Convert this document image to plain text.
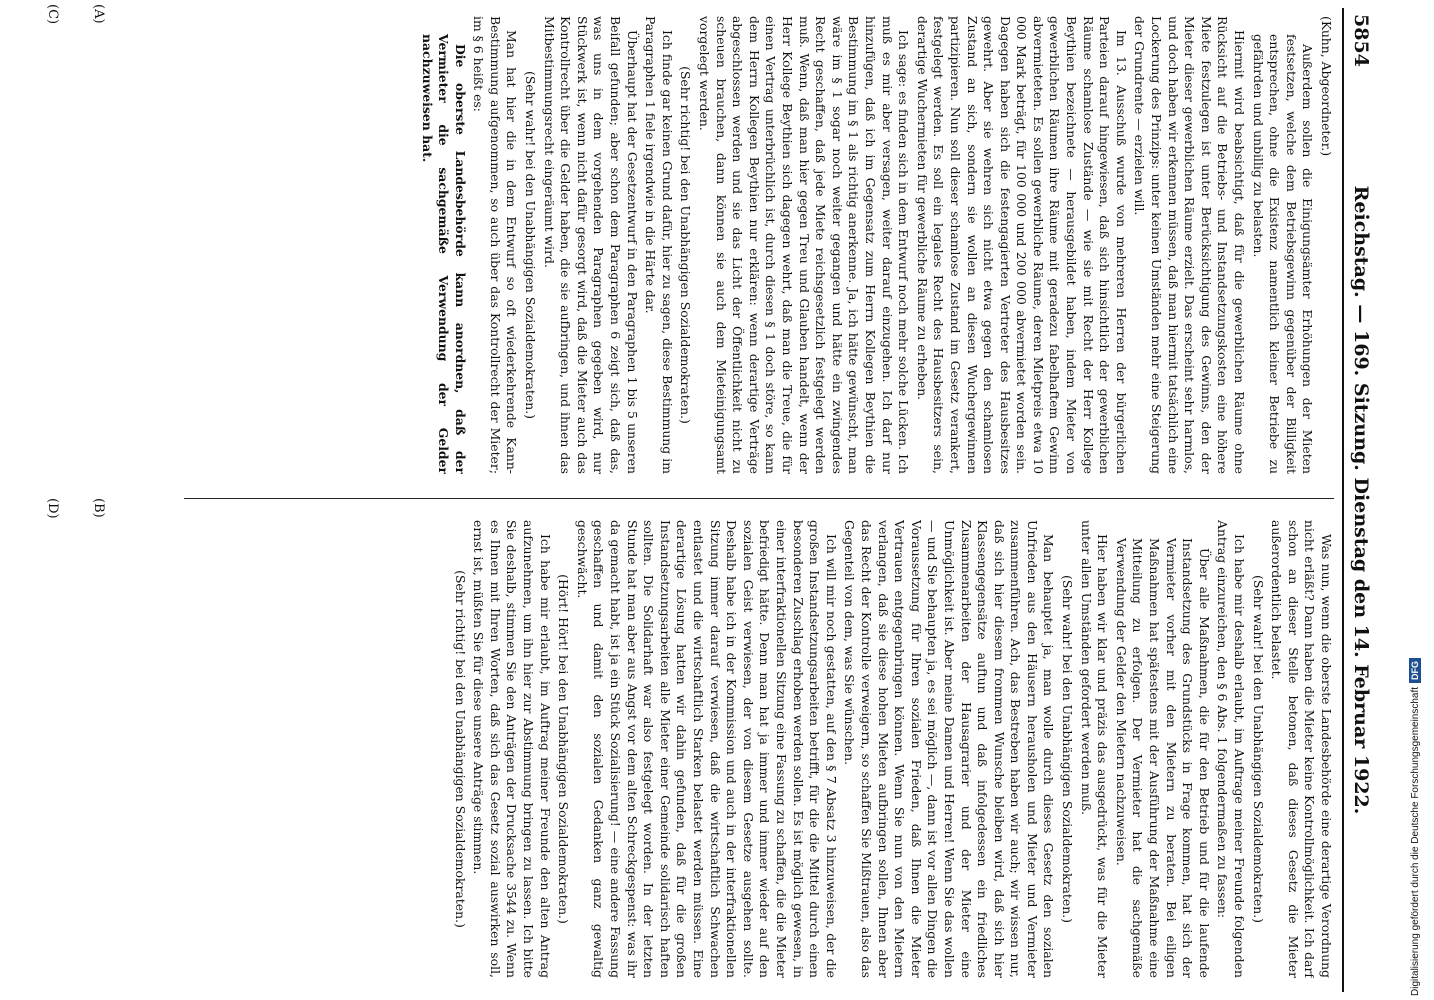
5854
Reichstag. — 169. Sitzung. Dienstag den 14. Februar 1922.

(Kuhn, Abgeordneter.)

Außerdem sollen die Einigungsämter Erhöhungen der Mieten festsetzen, welche dem Betriebsgewinn gegenüber der Billigkeit entsprechen, ohne die Existenz namentlich kleiner Betriebe zu gefährden und unbillig zu belasten.

Hiermit wird beabsichtigt, daß für die gewerblichen Räume ohne Rücksicht auf die Betriebs- und Instandsetzungskosten eine höhere Miete festzulegen ist unter Berücksichtigung des Gewinns, den der Mieter dieser gewerblichen Räume erzielt. Das erscheint sehr harmlos, und doch haben wir erkennen müssen, daß man hiermit tatsächlich eine Lockerung des Prinzips: unter keinen Umständen mehr eine Steigerung der Grundrente — erzielen will.

Im 13. Ausschuß wurde von mehreren Herren der bürgerlichen Parteien darauf hingewiesen, daß sich hinsichtlich der gewerblichen Räume schamlose Zustände — wie sie mit Recht der Herr Kollege Beythien bezeichnete — herausgebildet haben, indem Mieter von gewerblichen Räumen ihre Räume mit geradezu fabelhaftem Gewinn abvermieteten. Es sollen gewerbliche Räume, deren Mietpreis etwa 10 000 Mark beträgt, für 100 000 und 200 000 abvermietet worden sein. Dagegen haben sich die festengagierten Vertreter des Hausbesitzes gewehrt. Aber sie wehren sich nicht etwa gegen den schamlosen Zustand an sich, sondern sie wollen an diesen Wuchergewinnen partizipieren. Nun soll dieser schamlose Zustand im Gesetz verankert, festgelegt werden. Es soll ein legales Recht des Hausbesitzers sein, derartige Wuchermieten für gewerbliche Räume zu erheben.

Ich sage: es finden sich in dem Entwurf noch mehr solche Lücken. Ich muß es mir aber versagen, weiter darauf einzugehen. Ich darf nur hinzufügen, daß ich im Gegensatz zum Herrn Kollegen Beythien die Bestimmung im § 1 als richtig anerkenne. Ja, ich hätte gewünscht, man wäre im § 1 sogar noch weiter gegangen und hätte ein zwingendes Recht geschaffen, daß jede Miete reichsgesetzlich festgelegt werden muß. Wenn, daß man hier gegen Treu und Glauben handelt, wenn der Herr Kollege Beythien sich dagegen wehrt, daß man die Treue, die für einen Vertrag unterbrüchlich ist, durch diesen § 1 doch störe, so kann dem Herrn Kollegen Beythien nur erklären: wenn derartige Verträge abgeschlossen werden und sie das Licht der Öffentlichkeit nicht zu scheuen brauchen, dann können sie auch dem Mieteinigungsamt vorgelegt werden.

(Sehr richtig! bei den Unabhängigen Sozialdemokraten.)

Ich finde gar keinen Grund dafür, hier zu sagen, diese Bestimmung im Paragraphen 1 fiele irgendwie in die Härte dar.

Überhaupt hat der Gesetzentwurf in den Paragraphen 1 bis 5 unseren Beifall gefunden; aber schon dem Paragraphen 6 zeigt sich, daß das, was uns in dem vorgehenden Paragraphen gegeben wird, nur Stückwerk ist, wenn nicht dafür gesorgt wird, daß die Mieter auch das Kontrollrecht über die Gelder haben, die sie aufbringen, und ihnen das Mitbestimmungsrecht eingeräumt wird.

(Sehr wahr! bei den Unabhängigen Sozialdemokraten.)

Man hat hier die in dem Entwurf so oft wiederkehrende Kann-Bestimmung aufgenommen, so auch über das Kontrollrecht der Mieter; im § 6 heißt es:

Die oberste Landesbehörde kann anordnen, daß der Vermieter die sachgemäße Verwendung der Gelder nachzuweisen hat.

Was nun, wenn die oberste Landesbehörde eine derartige Verordnung nicht erläßt? Dann haben die Mieter keine Kontrollmöglichkeit. Ich darf schon an dieser Stelle betonen, daß dieses Gesetz die Mieter außerordentlich belastet.

(Sehr wahr! bei den Unabhängigen Sozialdemokraten.)

Ich habe mir deshalb erlaubt, im Auftrage meiner Freunde folgenden Antrag einzureichen, den § 6 Abs. 1 folgendermaßen zu fassen:

Über alle Maßnahmen, die für den Betrieb und für die laufende Instandsetzung des Grundstücks in Frage kommen, hat sich der Vermieter vorher mit den Mietern zu beraten. Bei eiligen Maßnahmen hat spätestens mit der Ausführung der Maßnahme eine Mitteilung zu erfolgen. Der Vermieter hat die sachgemäße Verwendung der Gelder den Mietern nachzuweisen.

Hier haben wir klar und präzis das ausgedrückt, was für die Mieter unter allen Umständen gefordert werden muß.

(Sehr wahr! bei den Unabhängigen Sozialdemokraten.)

Man behauptet ja, man wolle durch dieses Gesetz den sozialen Unfrieden aus den Häusern herausholen und Mieter und Vermieter zusammenführen. Ach, das Bestreben haben wir auch; wir wissen nur, daß sich hier diesem frommen Wunsche bleiben wird, daß sich hier Klassengegensätze auftun und daß infolgedessen ein friedliches Zusammenarbeiten der Hausagrarier und der Mieter eine Unmöglichkeit ist. Aber meine Damen und Herren! Wenn Sie das wollen — und Sie behaupten ja, es sei möglich —, dann ist vor allen Dingen die Voraussetzung für Ihren sozialen Frieden, daß Ihnen die Mieter Vertrauen entgegenbringen können. Wenn Sie nun von den Mietern verlangen, daß sie diese hohen Mieten aufbringen sollen, Ihnen aber das Recht der Kontrolle verweigern, so schaffen Sie Mißtrauen, also das Gegenteil von dem, was Sie wünschen.

Ich will mir noch gestatten, auf den § 7 Absatz 3 hinzuweisen, der die großen Instandsetzungsarbeiten betrifft, für die die Mittel durch einen besonderen Zuschlag erhoben werden sollen. Es ist möglich gewesen, in einer interfraktionellen Sitzung eine Fassung zu schaffen, die die Mieter befriedigt hätte. Denn man hat ja immer und immer wieder auf den sozialen Geist verwiesen, der von diesem Gesetze ausgehen sollte. Deshalb habe ich in der Kommission und auch in der interfraktionellen Sitzung immer darauf verwiesen, daß die wirtschaftlich Schwachen entlastet und die wirtschaftlich Starken belastet werden müssen. Eine derartige Lösung hatten wir dahin gefunden, daß für die großen Instandsetzungsarbeiten alle Mieter einer Gemeinde solidarisch haften sollten. Die Solidarhaft war also festgelegt worden. In der letzten Stunde hat man aber aus Angst vor dem alten Schreckgespenst: was ihr da gemacht habt, ist ja ein Stück Sozialisierung! — eine andere Fassung geschaffen und damit den sozialen Gedanken ganz gewaltig geschwächt.

(Hört! Hört! bei den Unabhängigen Sozialdemokraten.)

Ich habe mir erlaubt, im Auftrag meiner Freunde den alten Antrag aufzunehmen, um ihn hier zur Abstimmung bringen zu lassen. Ich bitte Sie deshalb, stimmen Sie den Anträgen der Drucksache 3544 zu. Wenn es Ihnen mit Ihren Worten, daß sich das Gesetz sozial auswirken soll, ernst ist, müßten Sie für diese unsere Anträge stimmen.

(Sehr richtig! bei den Unabhängigen Sozialdemokraten.)

(A)
(B)
(C)
(D)
Digitalisierung gefördert durch die Deutsche ForschungsgemeinschaftDFG
